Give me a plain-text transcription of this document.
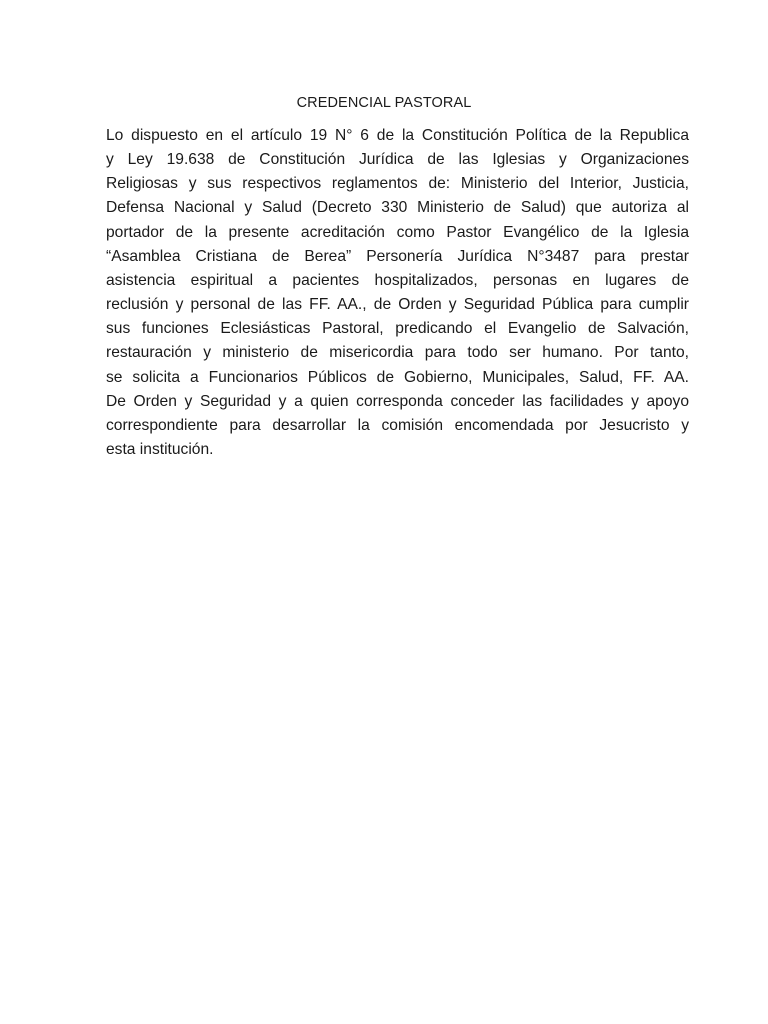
CREDENCIAL PASTORAL
Lo dispuesto en el artículo 19 N° 6 de la Constitución Política de la Republica
y Ley 19.638 de Constitución Jurídica de las Iglesias y Organizaciones
Religiosas y sus respectivos reglamentos de: Ministerio del Interior, Justicia,
Defensa Nacional y Salud (Decreto 330 Ministerio de Salud) que autoriza al
portador de la presente acreditación como Pastor Evangélico de la Iglesia
“Asamblea Cristiana de Berea” Personería Jurídica N°3487 para prestar
asistencia espiritual a pacientes hospitalizados, personas en lugares de
reclusión y personal de las FF. AA., de Orden y Seguridad Pública para cumplir
sus funciones Eclesiásticas Pastoral, predicando el Evangelio de Salvación,
restauración y ministerio de misericordia para todo ser humano. Por tanto,
se solicita a Funcionarios Públicos de Gobierno, Municipales, Salud, FF. AA.
De Orden y Seguridad y a quien corresponda conceder las facilidades y apoyo
correspondiente para desarrollar la comisión encomendada por Jesucristo y
esta institución.
